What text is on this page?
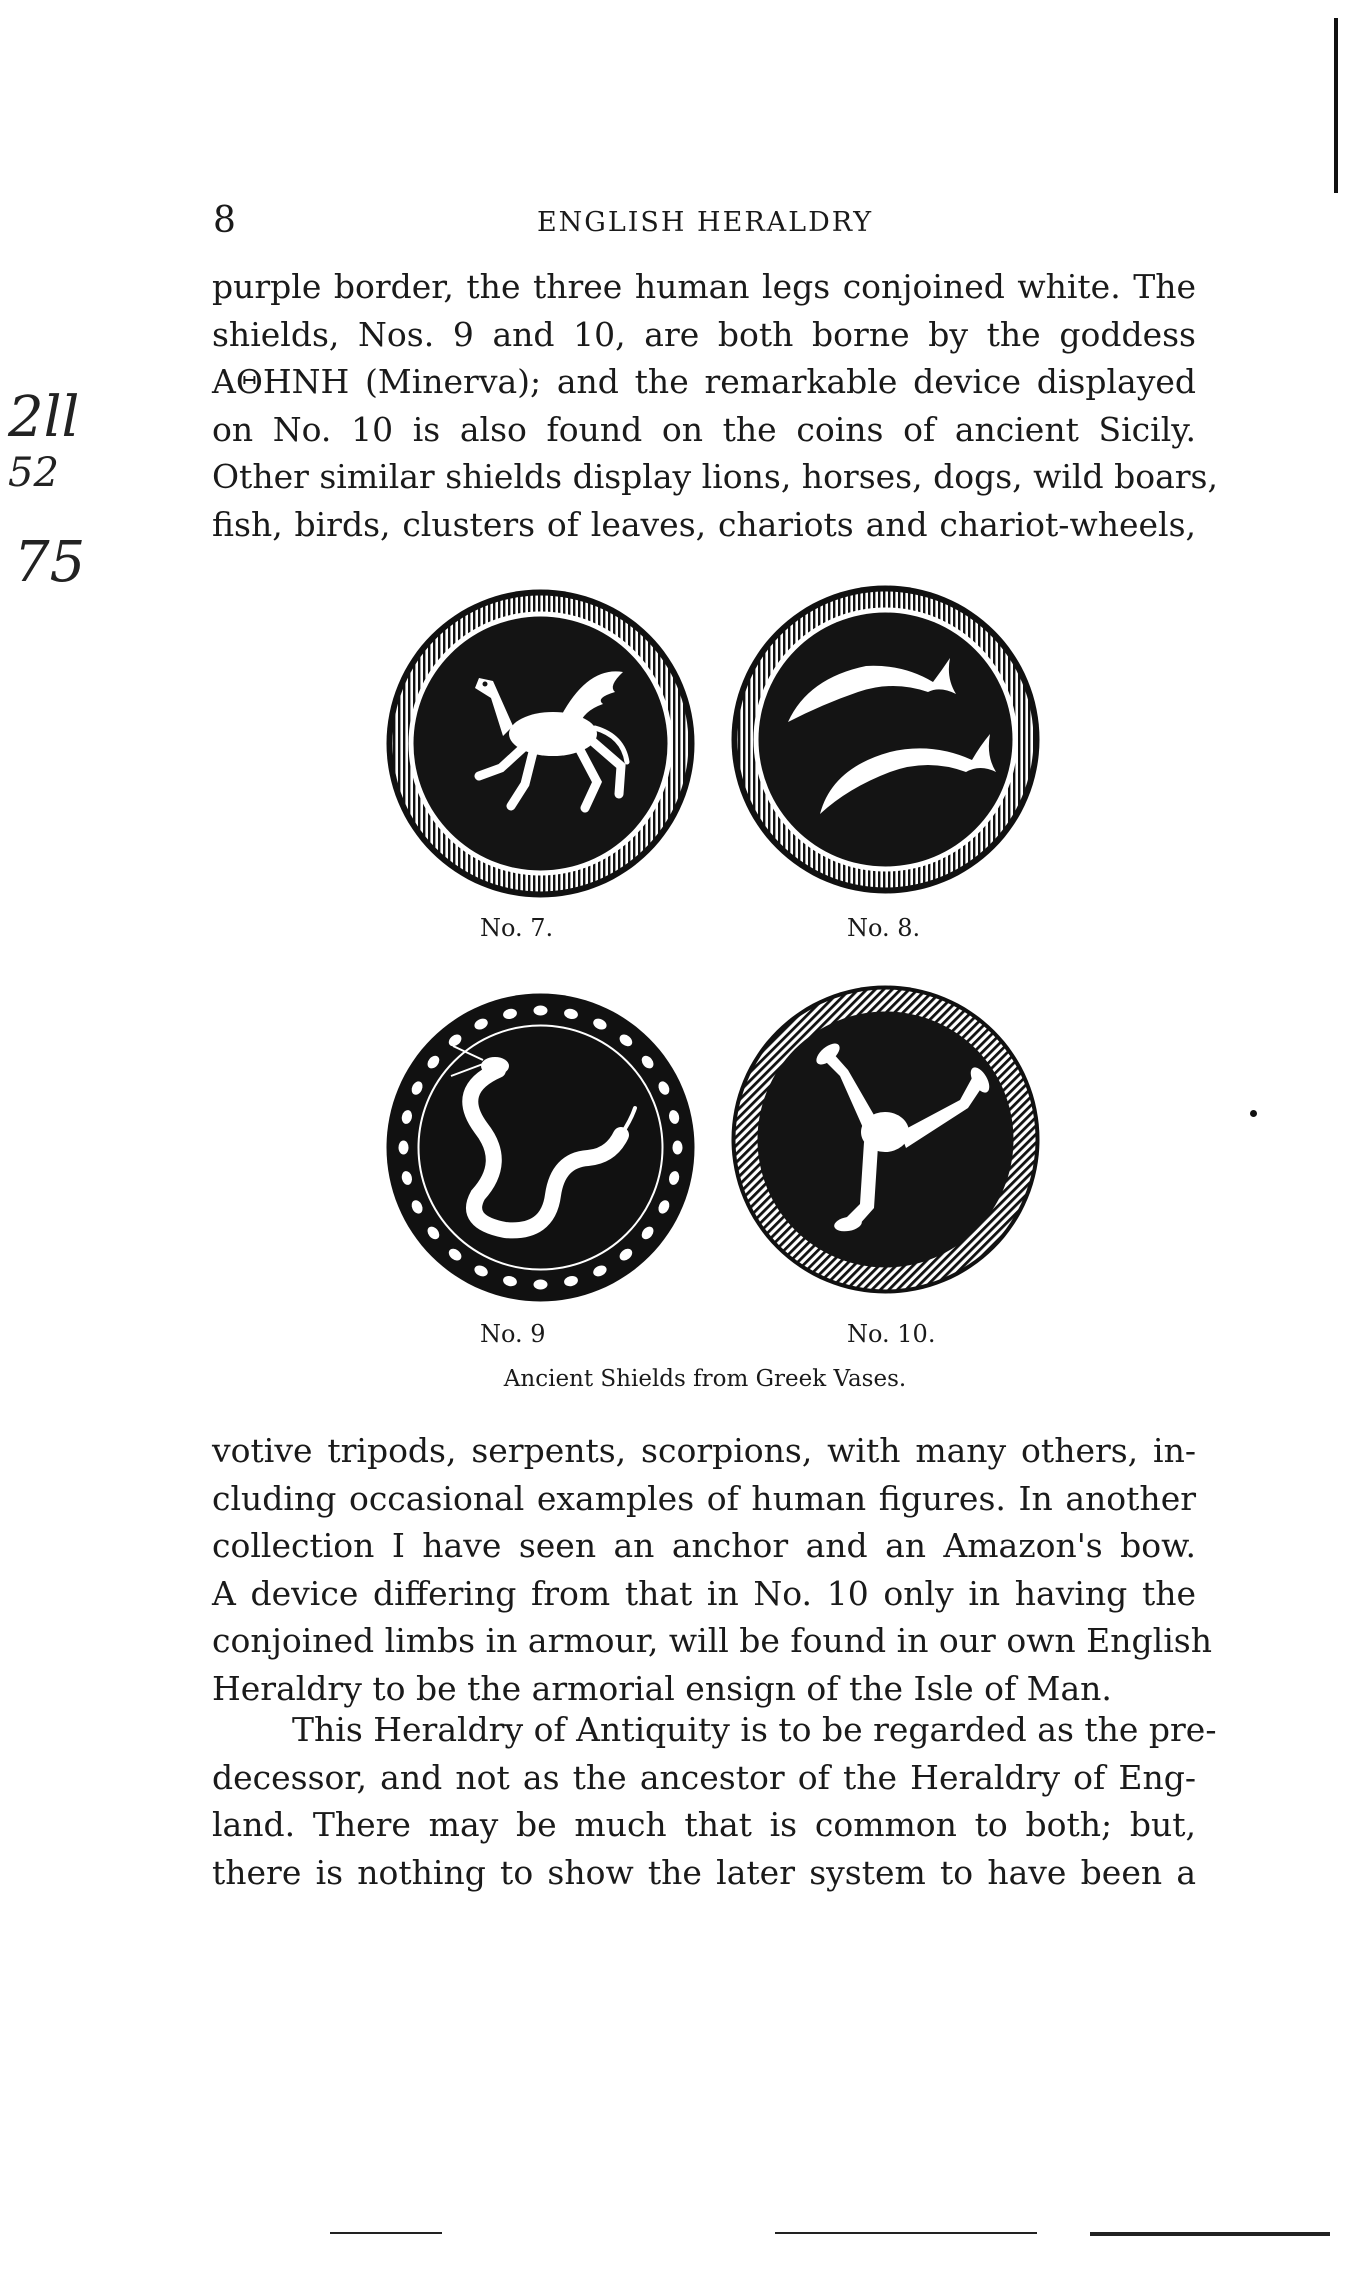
8	ENGLISH HERALDRY
2ll
52
75
purple border, the three human legs conjoined white. The
shields, Nos. 9 and 10, are both borne by the goddess
ΑΘΗΝΗ (Minerva); and the remarkable device displayed
on No. 10 is also found on the coins of ancient Sicily.
Other similar shields display lions, horses, dogs, wild boars,
fish, birds, clusters of leaves, chariots and chariot-wheels,
No. 7.	No. 8.
No. 9	No. 10.
Ancient Shields from Greek Vases.
votive tripods, serpents, scorpions, with many others, in-
cluding occasional examples of human figures. In another
collection I have seen an anchor and an Amazon's bow.
A device differing from that in No. 10 only in having the
conjoined limbs in armour, will be found in our own English
Heraldry to be the armorial ensign of the Isle of Man.
This Heraldry of Antiquity is to be regarded as the pre-
decessor, and not as the ancestor of the Heraldry of Eng-
land. There may be much that is common to both; but,
there is nothing to show the later system to have been a
